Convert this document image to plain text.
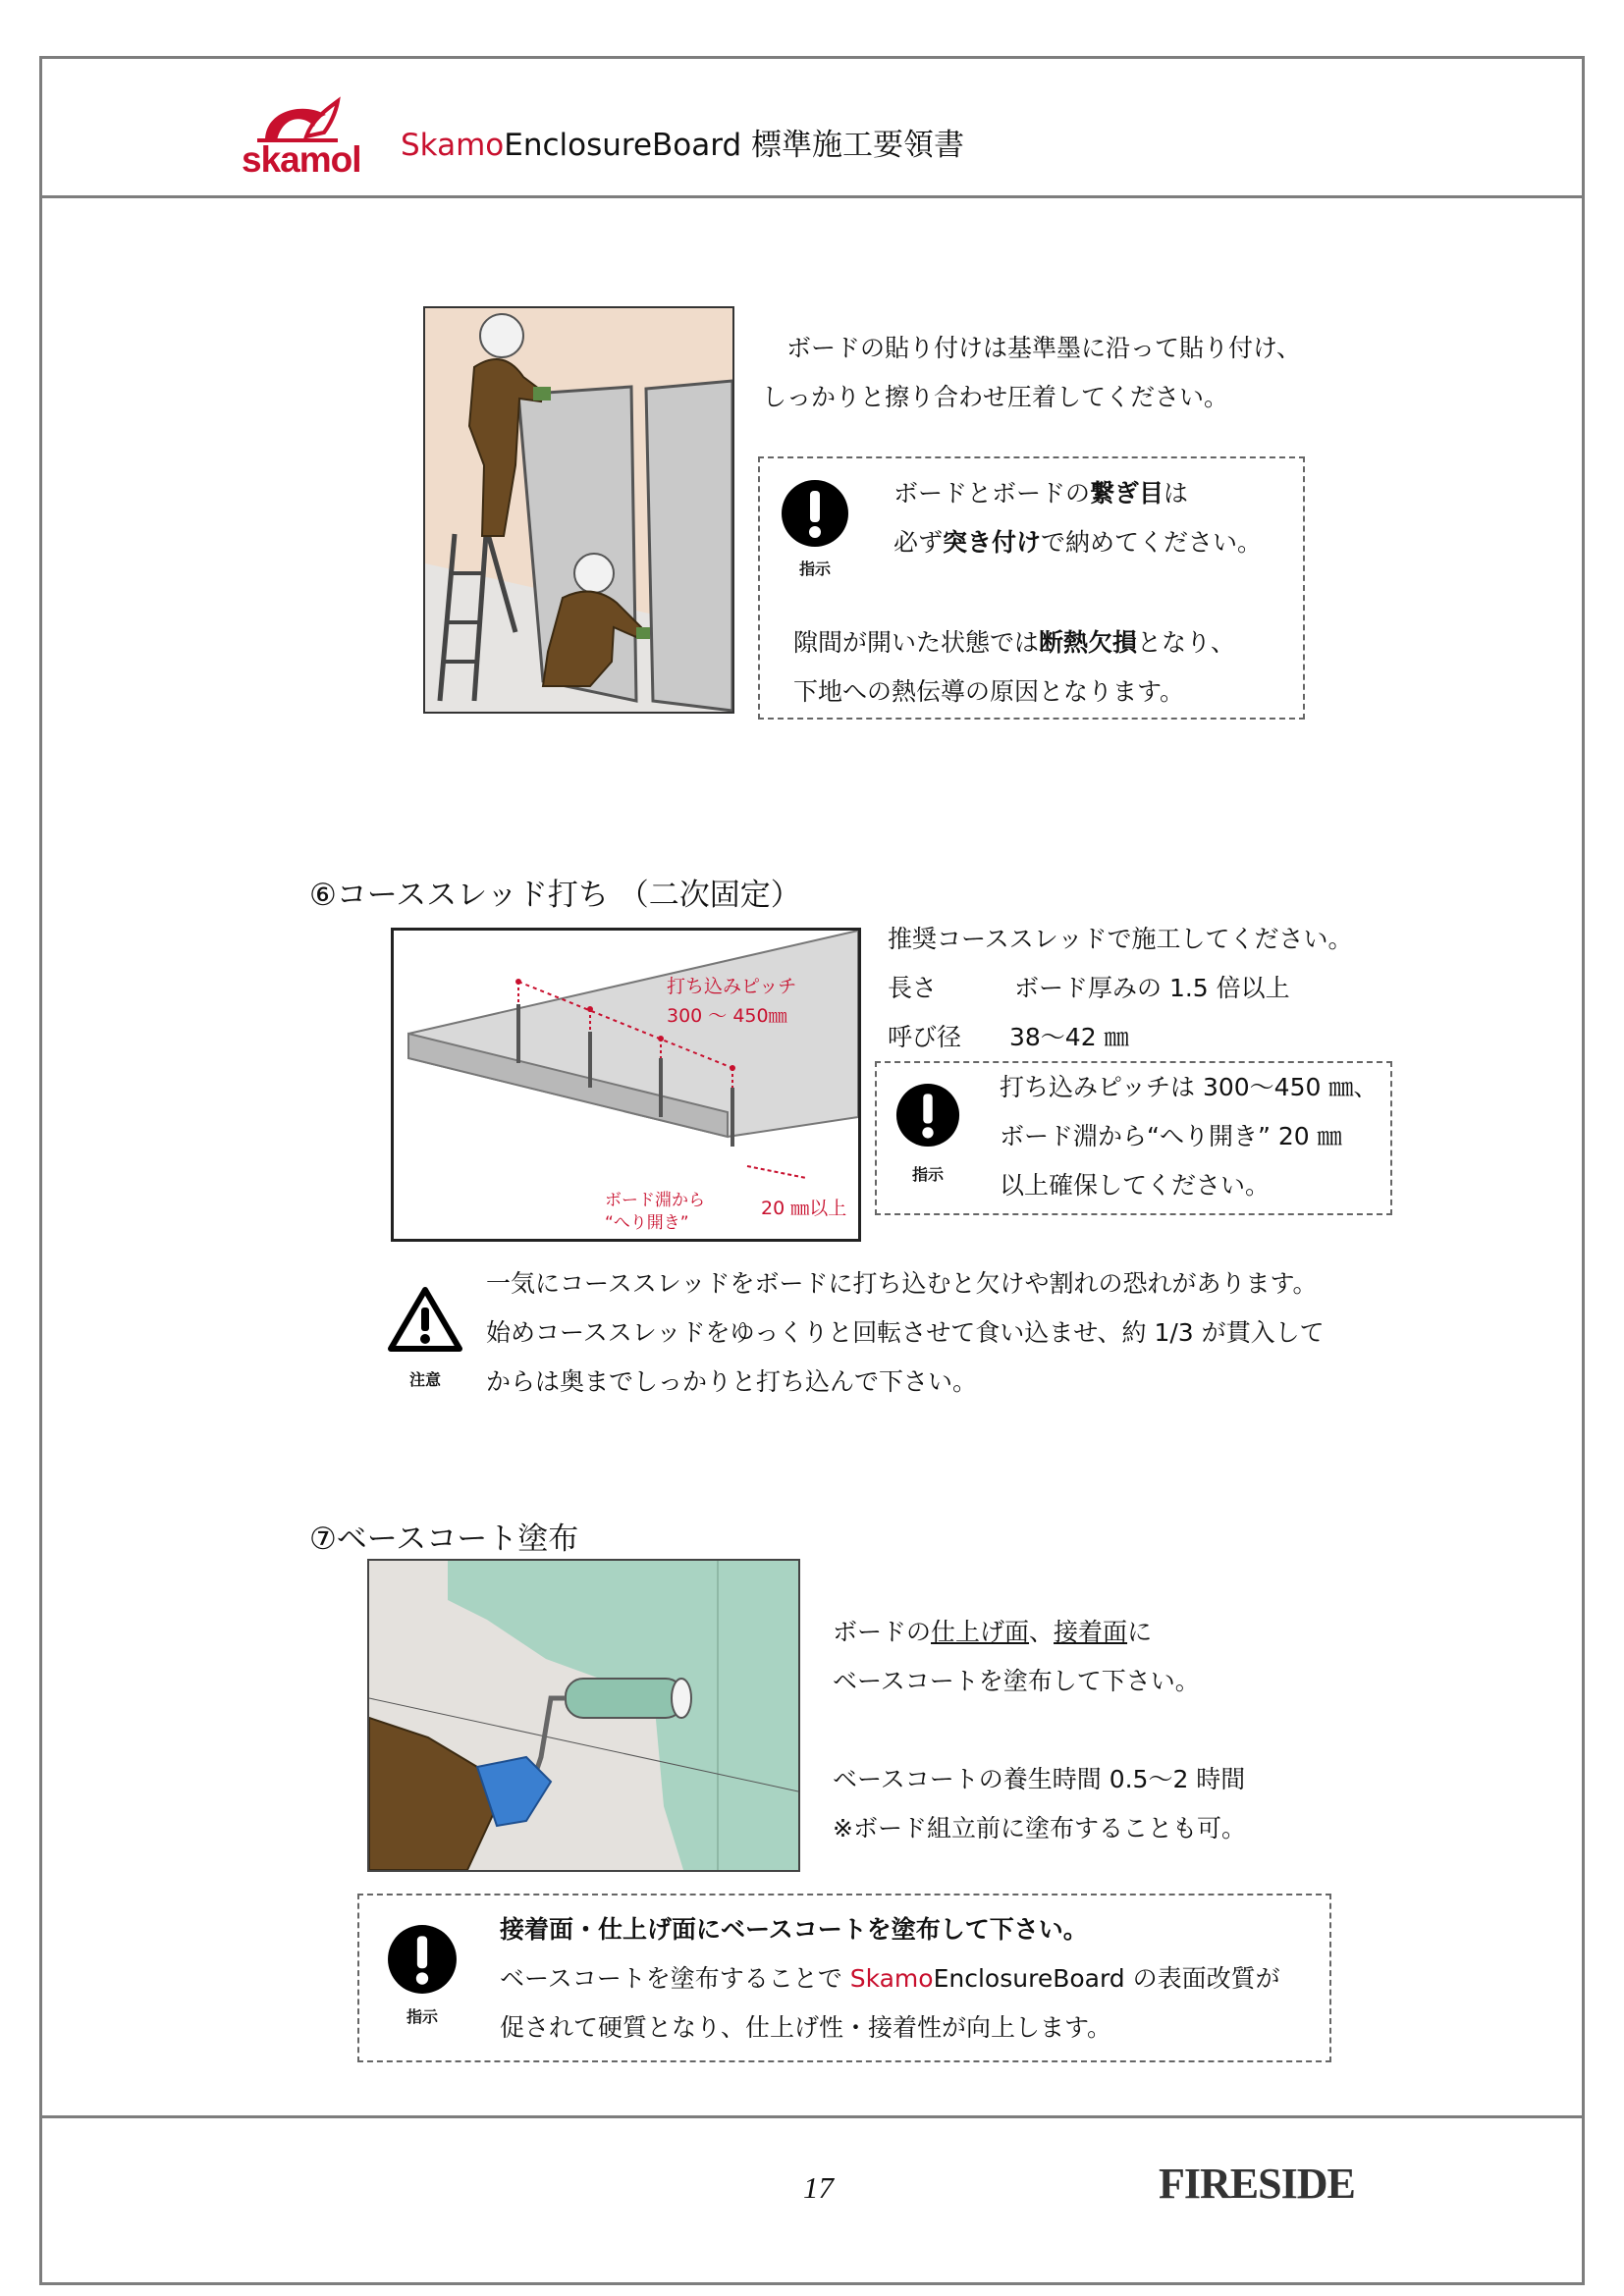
skamol SkamoEnclosureBoard 標準施工要領書
　ボードの貼り付けは基準墨に沿って貼り付け、
しっかりと擦り合わせ圧着してください。
指示
ボードとボードの繋ぎ目は
必ず突き付けで納めてください。
隙間が開いた状態では断熱欠損となり、
下地への熱伝導の原因となります。
⑥コーススレッド打ち （二次固定）
打ち込みピッチ
300 ～ 450㎜
ボード淵から
“へり開き”
20 ㎜以上
推奨コーススレッドで施工してください。
長さ	ボード厚みの 1.5 倍以上
呼び径 38～42 ㎜
指示
打ち込みピッチは 300～450 ㎜、
ボード淵から“へり開き” 20 ㎜
以上確保してください。
注意
一気にコーススレッドをボードに打ち込むと欠けや割れの恐れがあります。
始めコーススレッドをゆっくりと回転させて食い込ませ、約 1/3 が貫入して
からは奥までしっかりと打ち込んで下さい。
⑦ベースコート塗布
ボードの仕上げ面、接着面に
ベースコートを塗布して下さい。
ベースコートの養生時間 0.5～2 時間
※ボード組立前に塗布することも可。
指示
接着面・仕上げ面にベースコートを塗布して下さい。
ベースコートを塗布することで SkamoEnclosureBoard の表面改質が
促されて硬質となり、仕上げ性・接着性が向上します。
17	FIRESIDE
